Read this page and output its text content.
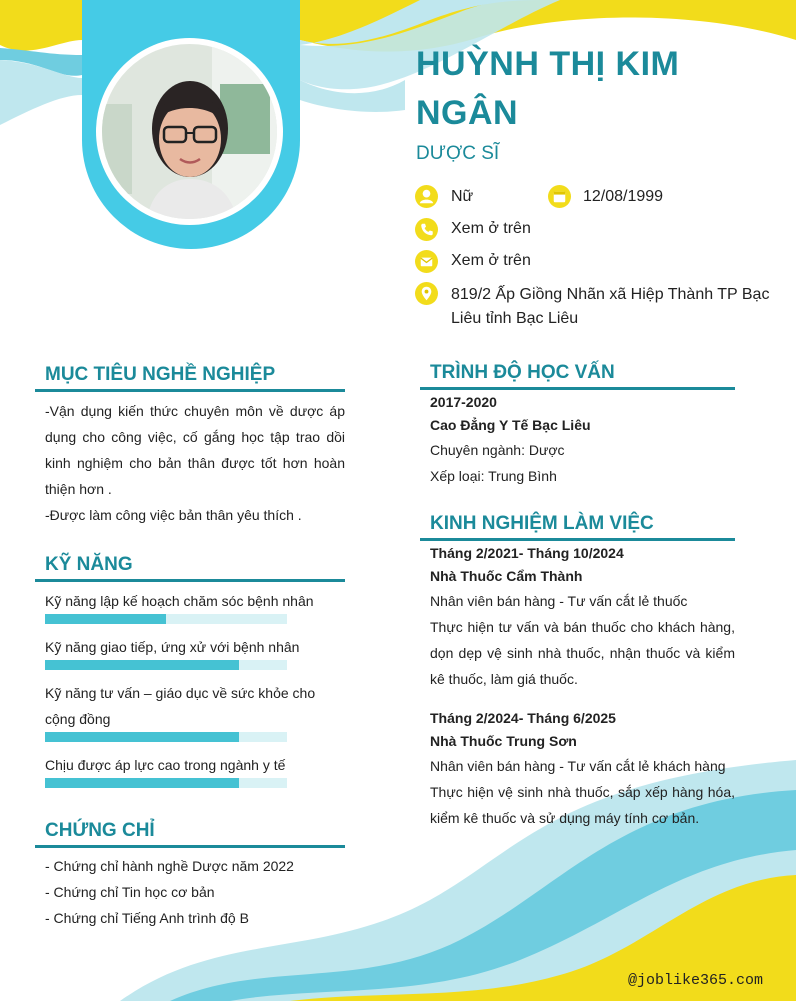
HUỲNH THỊ KIM NGÂN
DƯỢC SĨ
Nữ	12/08/1999
Xem ở trên
Xem ở trên
819/2 Ấp Giồng Nhãn xã Hiệp Thành TP Bạc Liêu tỉnh Bạc Liêu
MỤC TIÊU NGHỀ NGHIỆP
-Vận dụng kiến thức chuyên môn về dược áp dụng cho công việc, cố gắng học tập trao dồi kinh nghiệm cho bản thân được tốt hơn hoàn thiện hơn .
-Được làm công việc bản thân yêu thích .
KỸ NĂNG
Kỹ năng lập kế hoạch chăm sóc bệnh nhân
Kỹ năng giao tiếp, ứng xử với bệnh nhân
Kỹ năng tư vấn – giáo dục về sức khỏe cho cộng đồng
Chịu được áp lực cao trong ngành y tế
CHỨNG CHỈ
- Chứng chỉ hành nghề Dược năm 2022
- Chứng chỉ Tin học cơ bản
- Chứng chỉ Tiếng Anh trình độ B
TRÌNH ĐỘ HỌC VẤN
2017-2020
Cao Đẳng Y Tế Bạc Liêu
Chuyên ngành: Dược
Xếp loại: Trung Bình
KINH NGHIỆM LÀM VIỆC
Tháng 2/2021- Tháng 10/2024
Nhà Thuốc Cẩm Thành
Nhân viên bán hàng - Tư vấn cắt lẻ thuốc
Thực hiện tư vấn và bán thuốc cho khách hàng, dọn dẹp vệ sinh nhà thuốc, nhận thuốc và kiểm kê thuốc, làm giá thuốc.
Tháng 2/2024- Tháng 6/2025
Nhà Thuốc Trung Sơn
Nhân viên bán hàng - Tư vấn cắt lẻ khách hàng
Thực hiện vệ sinh nhà thuốc, sắp xếp hàng hóa, kiểm kê thuốc và sử dụng máy tính cơ bản.
@joblike365.com
